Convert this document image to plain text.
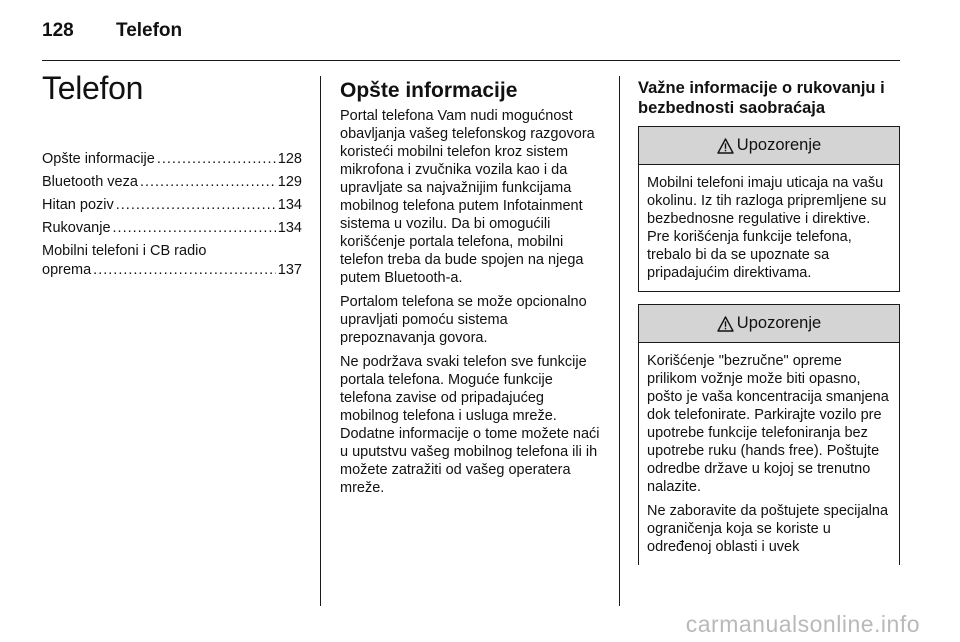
128 Telefon
Telefon
Opšte informacije .....	128
Bluetooth veza .....	129
Hitan poziv .....	134
Rukovanje .....	134
Mobilni telefoni i CB radio
oprema .....	137
Opšte informacije

Portal telefona Vam nudi mogućnost obavljanja vašeg telefonskog razgovora koristeći mobilni telefon kroz sistem mikrofona i zvučnika vozila kao i da upravljate sa najvažnijim funkcijama mobilnog telefona putem Infotainment sistema u vozilu. Da bi omogućili korišćenje portala telefona, mobilni telefon treba da bude spojen na njega putem Bluetooth-a.

Portalom telefona se može opcionalno upravljati pomoću sistema prepoznavanja govora.

Ne podržava svaki telefon sve funkcije portala telefona. Moguće funkcije telefona zavise od pripadajućeg mobilnog telefona i usluga mreže. Dodatne informacije o tome možete naći u uputstvu vašeg mobilnog telefona ili ih možete zatražiti od vašeg operatera mreže.

Važne informacije o rukovanju i bezbednosti saobraćaja
Upozorenje

Mobilni telefoni imaju uticaja na vašu okolinu. Iz tih razloga pripremljene su bezbednosne regulative i direktive. Pre korišćenja funkcije telefona, trebalo bi da se upoznate sa pripadajućim direktivama.

Upozorenje

Korišćenje "bezručne" opreme prilikom vožnje može biti opasno, pošto je vaša koncentracija smanjena dok telefonirate. Parkirajte vozilo pre upotrebe funkcije telefoniranja bez upotrebe ruku (hands free). Poštujte odredbe države u kojoj se trenutno nalazite.

Ne zaboravite da poštujete specijalna ograničenja koja se koriste u određenoj oblasti i uvek

carmanualsonline.info
